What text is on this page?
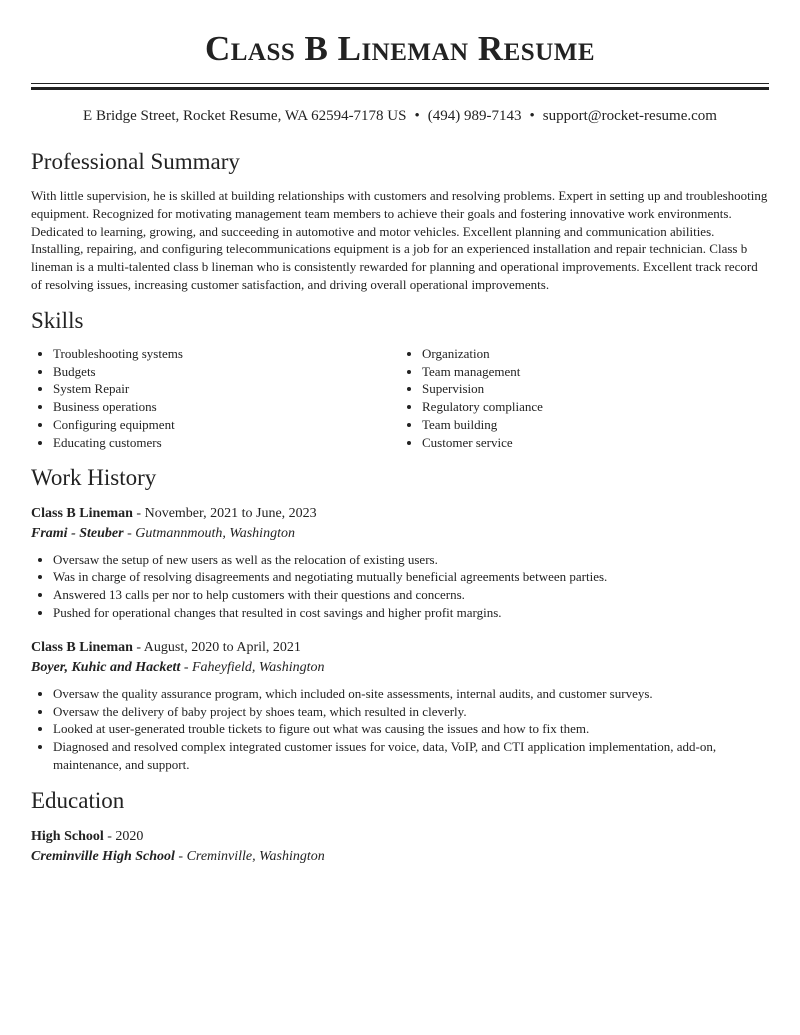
Class B Lineman Resume
E Bridge Street, Rocket Resume, WA 62594-7178 US • (494) 989-7143 • support@rocket-resume.com
Professional Summary

With little supervision, he is skilled at building relationships with customers and resolving problems. Expert in setting up and troubleshooting equipment. Recognized for motivating management team members to achieve their goals and fostering innovative work environments. Dedicated to learning, growing, and succeeding in automotive and motor vehicles. Excellent planning and communication abilities. Installing, repairing, and configuring telecommunications equipment is a job for an experienced installation and repair technician. Class b lineman is a multi-talented class b lineman who is consistently rewarded for planning and operational improvements. Excellent track record of resolving issues, increasing customer satisfaction, and driving overall operational improvements.

Skills
• Troubleshooting systems
• Budgets
• System Repair
• Business operations
• Configuring equipment
• Educating customers
• Organization
• Team management
• Supervision
• Regulatory compliance
• Team building
• Customer service
Work History
Class B Lineman - November, 2021 to June, 2023
Frami - Steuber - Gutmannmouth, Washington
• Oversaw the setup of new users as well as the relocation of existing users.
• Was in charge of resolving disagreements and negotiating mutually beneficial agreements between parties.
• Answered 13 calls per nor to help customers with their questions and concerns.
• Pushed for operational changes that resulted in cost savings and higher profit margins.
Class B Lineman - August, 2020 to April, 2021
Boyer, Kuhic and Hackett - Faheyfield, Washington
• Oversaw the quality assurance program, which included on-site assessments, internal audits, and customer surveys.
• Oversaw the delivery of baby project by shoes team, which resulted in cleverly.
• Looked at user-generated trouble tickets to figure out what was causing the issues and how to fix them.
• Diagnosed and resolved complex integrated customer issues for voice, data, VoIP, and CTI application implementation, add-on, maintenance, and support.
Education
High School - 2020
Creminville High School - Creminville, Washington
